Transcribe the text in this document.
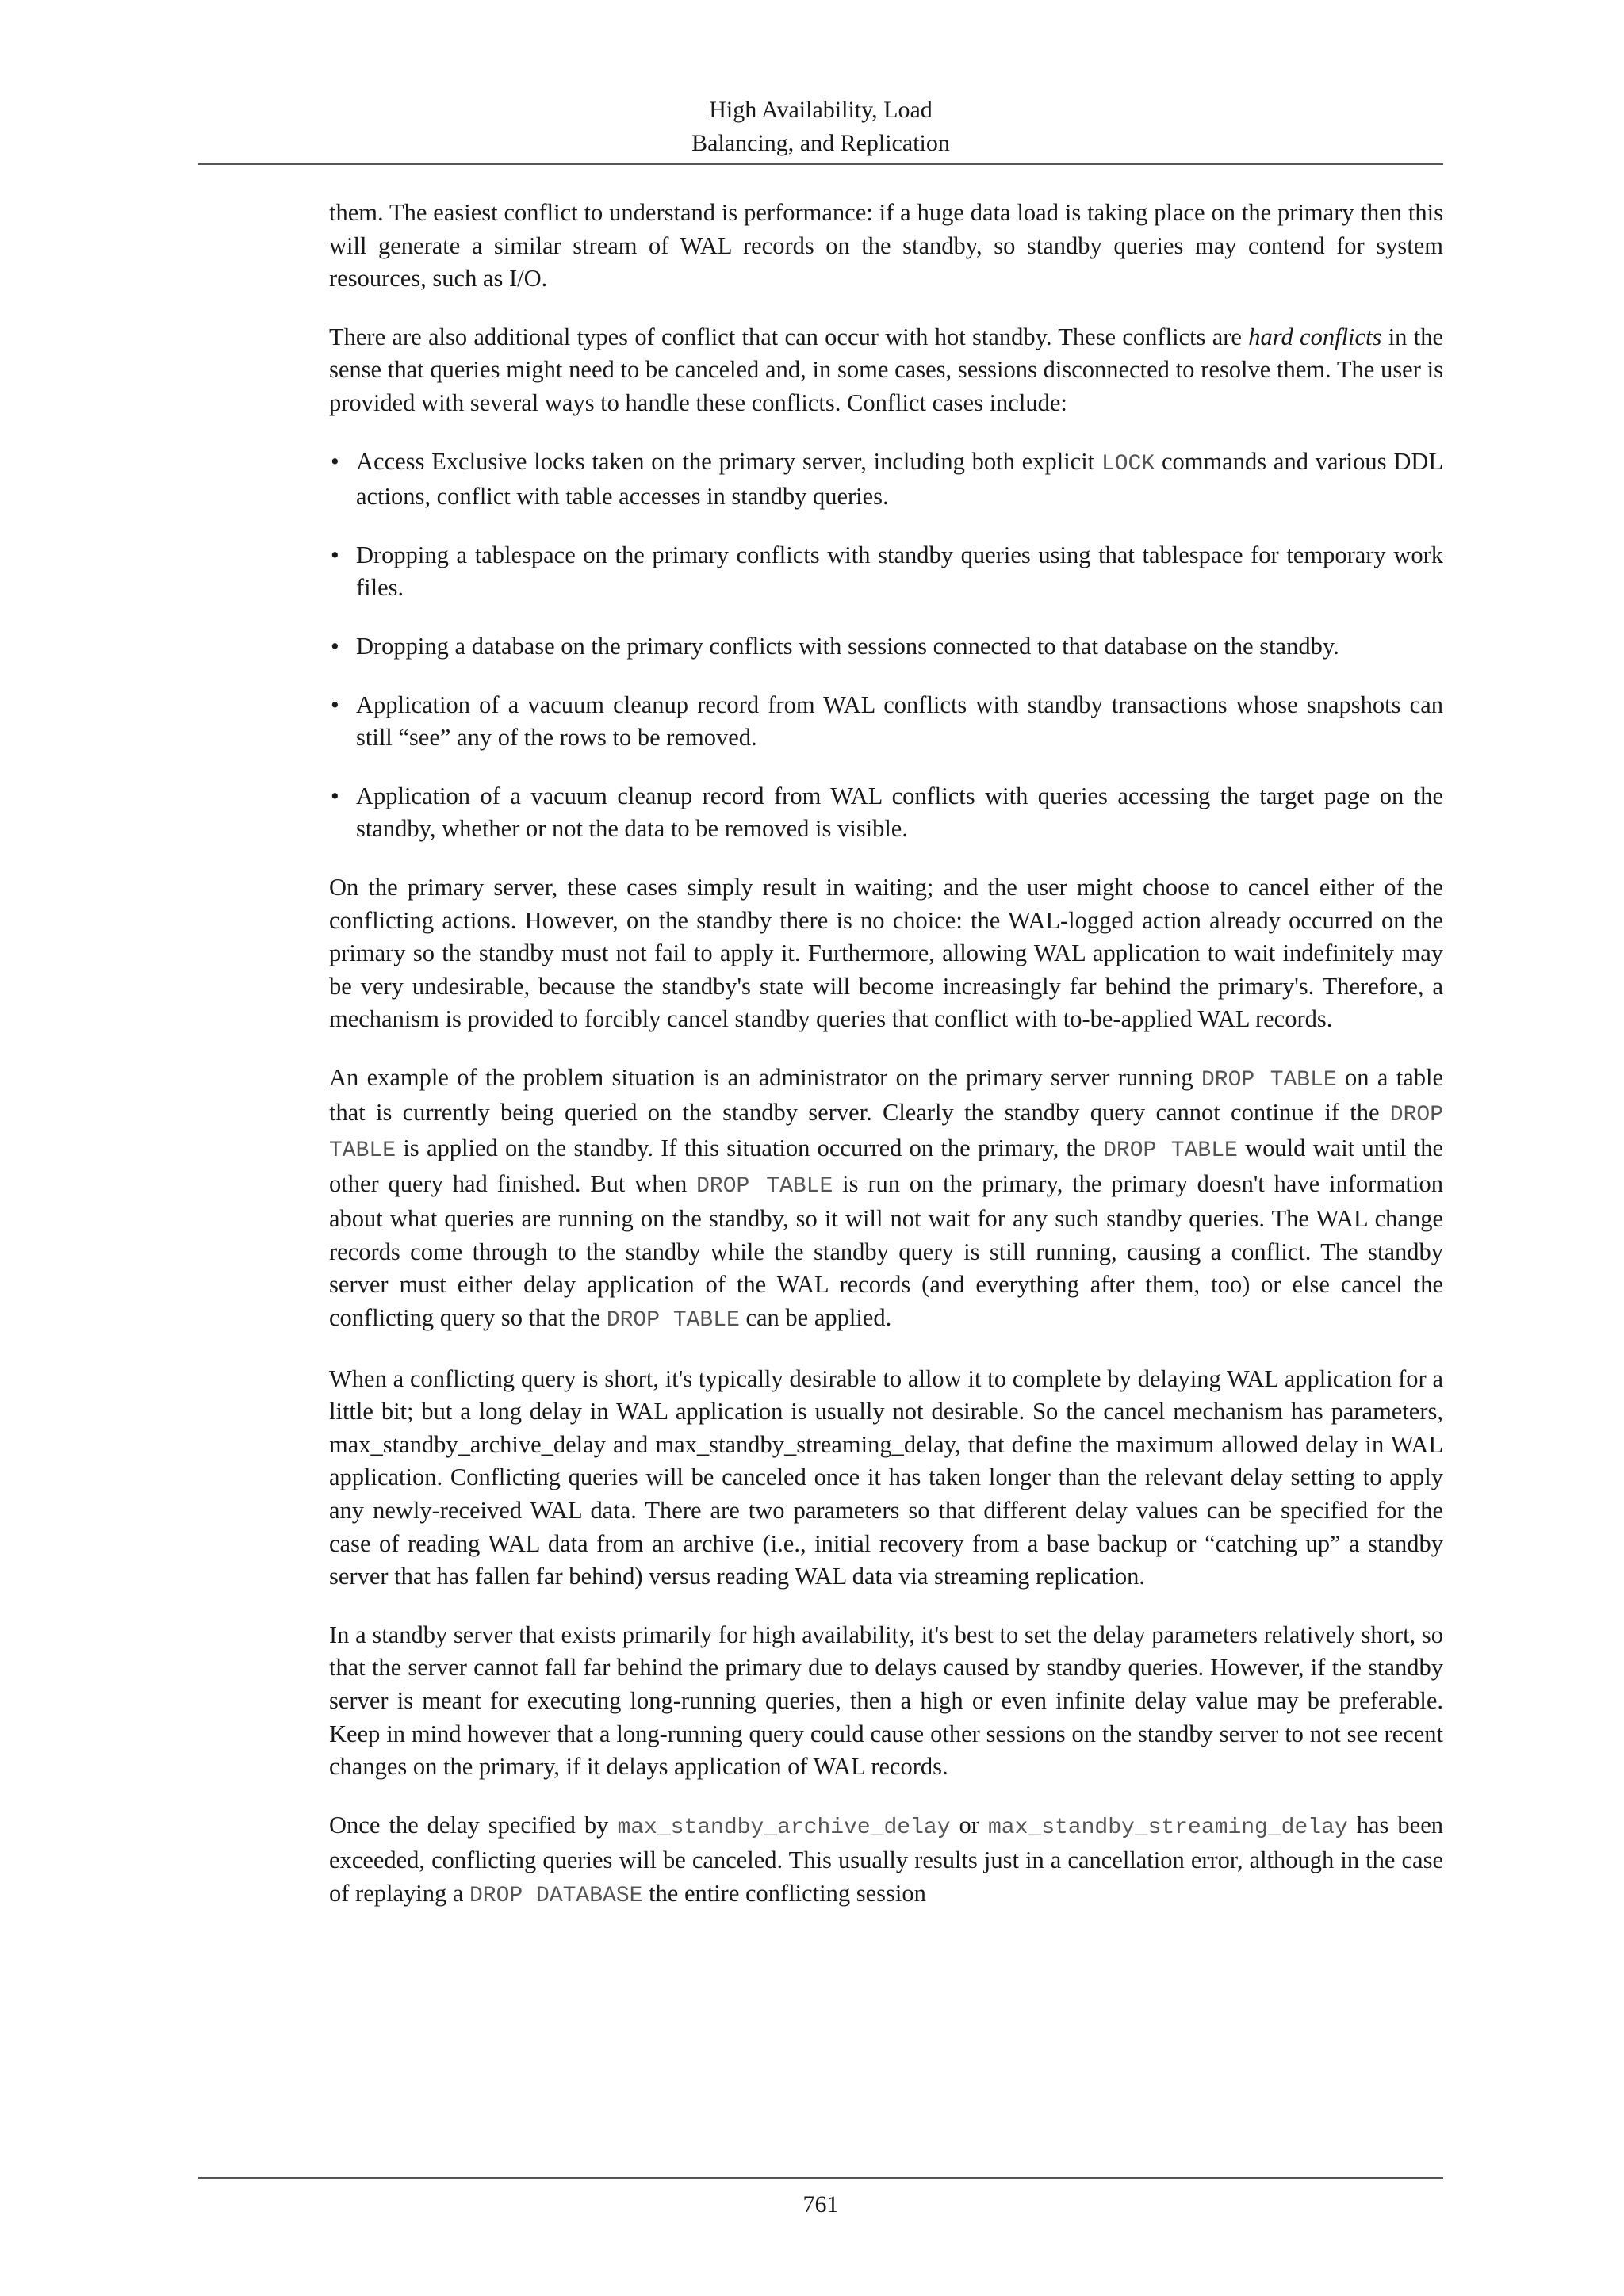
High Availability, Load
Balancing, and Replication

them. The easiest conflict to understand is performance: if a huge data load is taking place on the primary then this will generate a similar stream of WAL records on the standby, so standby queries may contend for system resources, such as I/O.

There are also additional types of conflict that can occur with hot standby. These conflicts are hard conflicts in the sense that queries might need to be canceled and, in some cases, sessions disconnected to resolve them. The user is provided with several ways to handle these conflicts. Conflict cases include:

• Access Exclusive locks taken on the primary server, including both explicit LOCK commands and various DDL actions, conflict with table accesses in standby queries.
• Dropping a tablespace on the primary conflicts with standby queries using that tablespace for temporary work files.
• Dropping a database on the primary conflicts with sessions connected to that database on the standby.
• Application of a vacuum cleanup record from WAL conflicts with standby transactions whose snapshots can still “see” any of the rows to be removed.
• Application of a vacuum cleanup record from WAL conflicts with queries accessing the target page on the standby, whether or not the data to be removed is visible.

On the primary server, these cases simply result in waiting; and the user might choose to cancel either of the conflicting actions. However, on the standby there is no choice: the WAL-logged action already occurred on the primary so the standby must not fail to apply it. Furthermore, allowing WAL application to wait indefinitely may be very undesirable, because the standby's state will become increasingly far behind the primary's. Therefore, a mechanism is provided to forcibly cancel standby queries that conflict with to-be-applied WAL records.

An example of the problem situation is an administrator on the primary server running DROP TABLE on a table that is currently being queried on the standby server. Clearly the standby query cannot continue if the DROP TABLE is applied on the standby. If this situation occurred on the primary, the DROP TABLE would wait until the other query had finished. But when DROP TABLE is run on the primary, the primary doesn't have information about what queries are running on the standby, so it will not wait for any such standby queries. The WAL change records come through to the standby while the standby query is still running, causing a conflict. The standby server must either delay application of the WAL records (and everything after them, too) or else cancel the conflicting query so that the DROP TABLE can be applied.

When a conflicting query is short, it's typically desirable to allow it to complete by delaying WAL application for a little bit; but a long delay in WAL application is usually not desirable. So the cancel mechanism has parameters, max_standby_archive_delay and max_standby_streaming_delay, that define the maximum allowed delay in WAL application. Conflicting queries will be canceled once it has taken longer than the relevant delay setting to apply any newly-received WAL data. There are two parameters so that different delay values can be specified for the case of reading WAL data from an archive (i.e., initial recovery from a base backup or “catching up” a standby server that has fallen far behind) versus reading WAL data via streaming replication.

In a standby server that exists primarily for high availability, it's best to set the delay parameters relatively short, so that the server cannot fall far behind the primary due to delays caused by standby queries. However, if the standby server is meant for executing long-running queries, then a high or even infinite delay value may be preferable. Keep in mind however that a long-running query could cause other sessions on the standby server to not see recent changes on the primary, if it delays application of WAL records.

Once the delay specified by max_standby_archive_delay or max_standby_streaming_delay has been exceeded, conflicting queries will be canceled. This usually results just in a cancellation error, although in the case of replaying a DROP DATABASE the entire conflicting session

761
